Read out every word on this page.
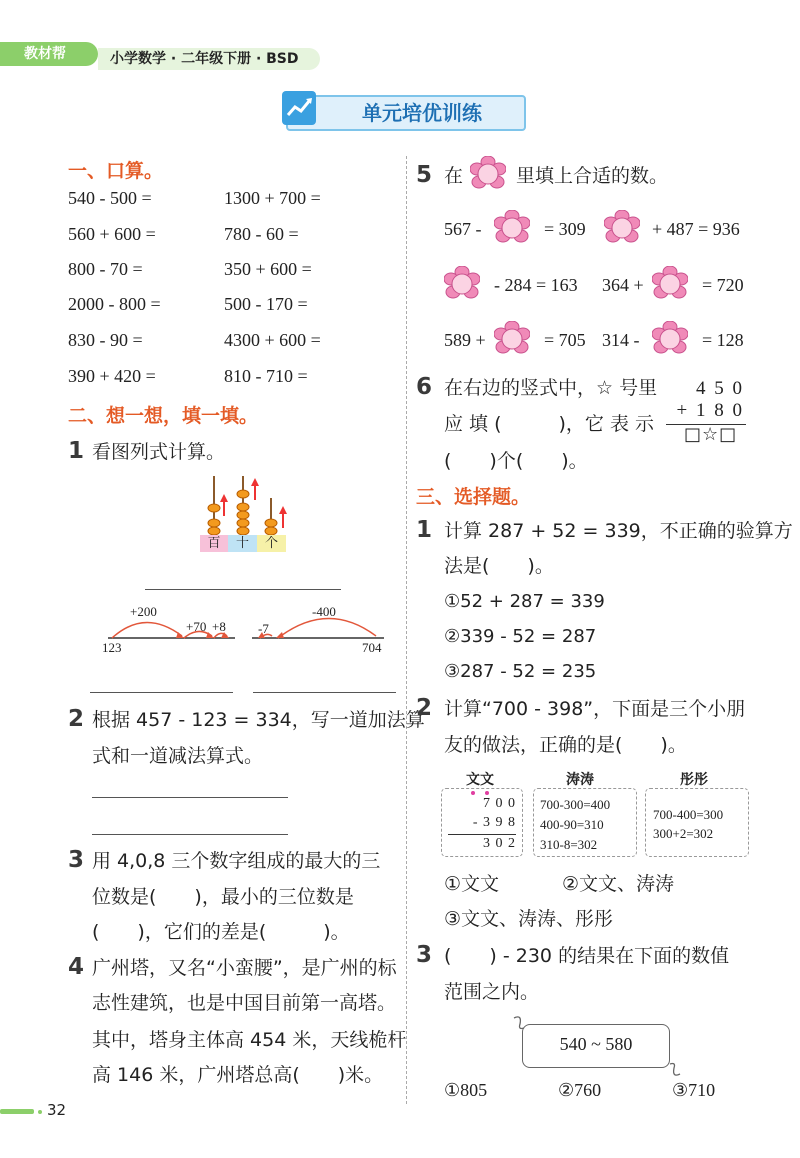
教材帮	小学数学 · 二年级下册 · BSD
单元培优训练
一、口算。
540 - 500 =	1300 + 700 =
560 + 600 =	780 - 60 =
800 - 70 =	350 + 600 =
2000 - 800 =	500 - 170 =
830 - 90 =	4300 + 600 =
390 + 420 =	810 - 710 =
二、想一想，填一填。
1 看图列式计算。
百	十	个
+200
+70 +8
123
-7
-400
704
2 根据 457 - 123 = 334，写一道加法算
式和一道减法算式。
3 用 4,0,8 三个数字组成的最大的三
位数是(　　)，最小的三位数是
(　　)，它们的差是(　　　)。
4 广州塔，又名“小蛮腰”，是广州的标
志性建筑，也是中国目前第一高塔。
其中，塔身主体高 454 米，天线桅杆
高 146 米，广州塔总高(　　)米。
5 在	里填上合适的数。
567 -	= 309	+ 487 = 936
- 284 = 163 364 +	= 720
589 +	= 705 314 -	= 128
6 在右边的竖式中，☆ 号里
应 填 (　　　)，它 表 示
(　　)个(　　)。
4 5 0
+ 1 8 0
□☆□
三、选择题。
1 计算 287 + 52 = 339，不正确的验算方
法是(　　)。
①52 + 287 = 339
②339 - 52 = 287
③287 - 52 = 235
2 计算“700 - 398”，下面是三个小朋
友的做法，正确的是(　　)。
文文	涛涛	彤彤
7 0 0
- 3 9 8
3 0 2
700-300=400
400-90=310
310-8=302
700-400=300
300+2=302
①文文	②文文、涛涛
③文文、涛涛、彤彤
3 (　　) - 230 的结果在下面的数值
范围之内。
540 ~ 580
①805	②760	③710
32
